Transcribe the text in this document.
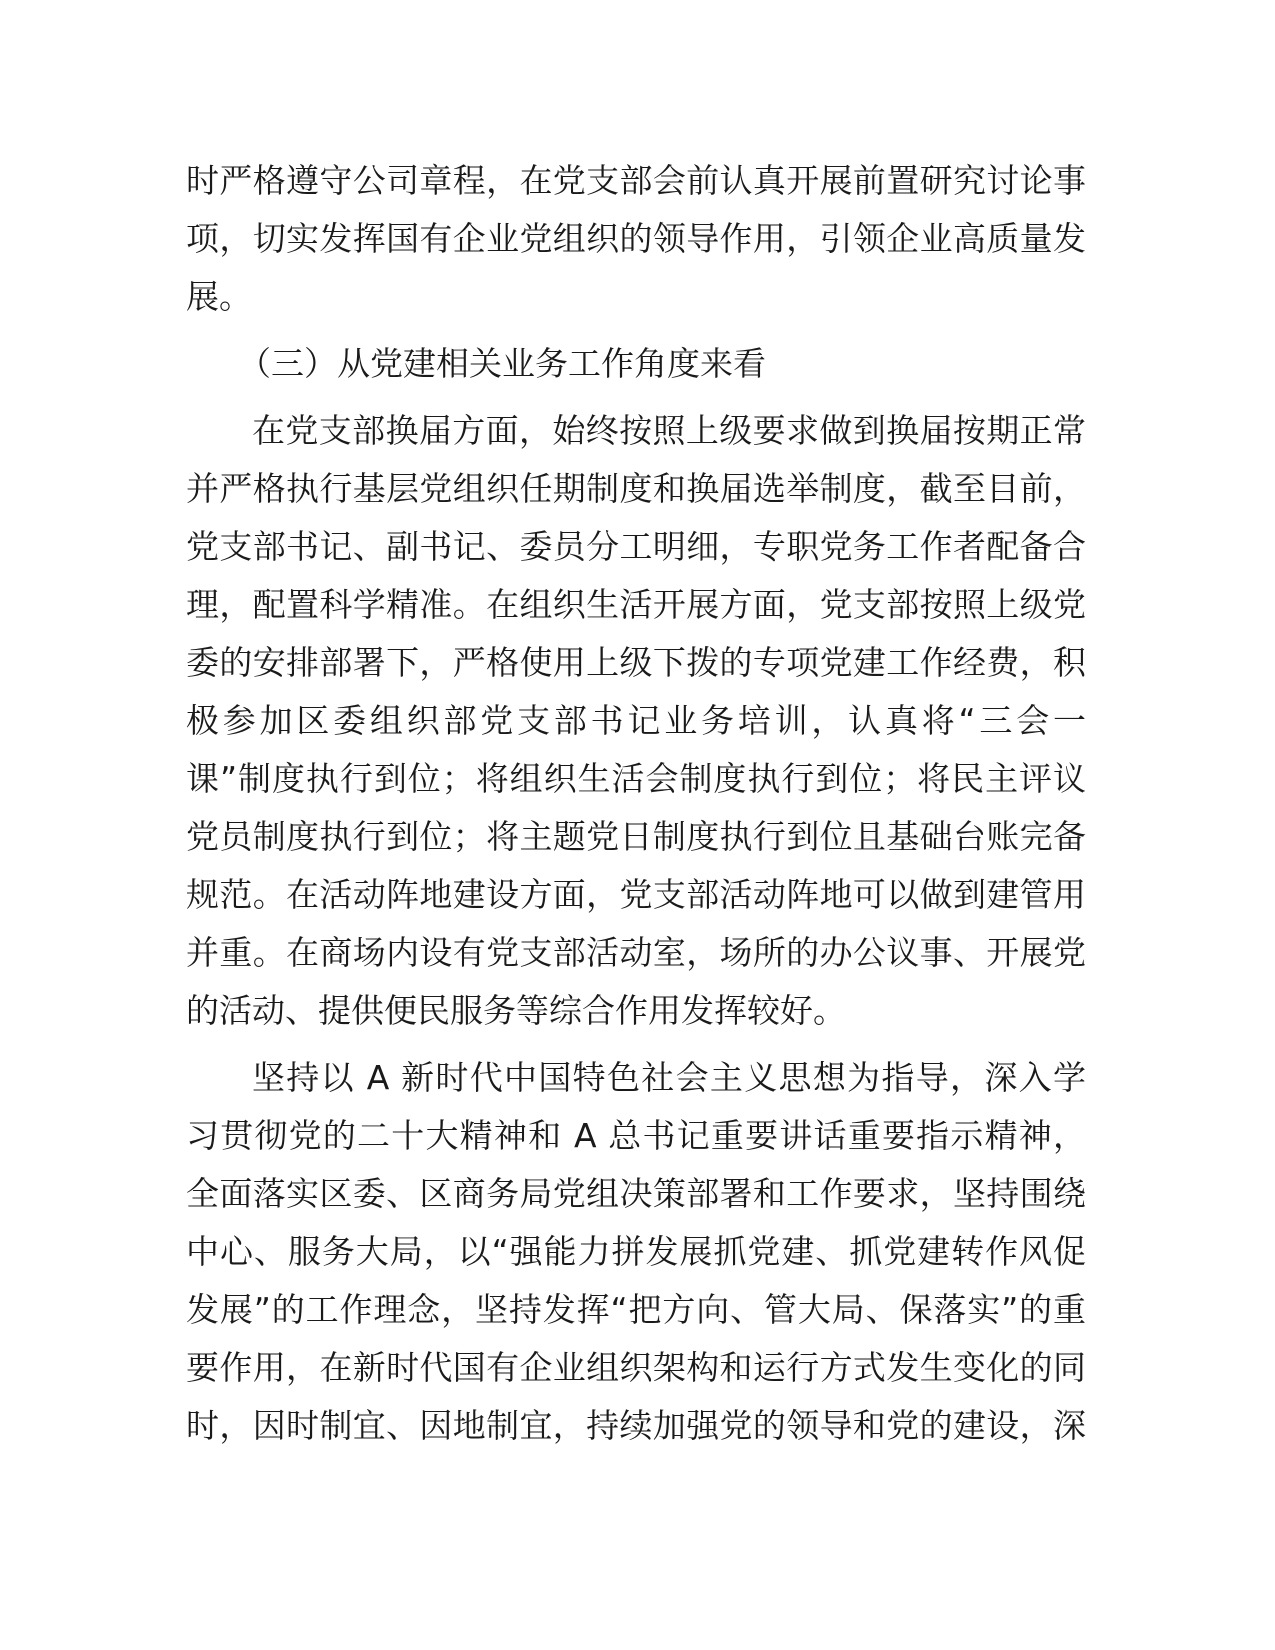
时严格遵守公司章程，在党支部会前认真开展前置研究讨论事
项，切实发挥国有企业党组织的领导作用，引领企业高质量发
展。
（三）从党建相关业务工作角度来看
在党支部换届方面，始终按照上级要求做到换届按期正常
并严格执行基层党组织任期制度和换届选举制度，截至目前，
党支部书记、副书记、委员分工明细，专职党务工作者配备合
理，配置科学精准。在组织生活开展方面，党支部按照上级党
委的安排部署下，严格使用上级下拨的专项党建工作经费，积
极参加区委组织部党支部书记业务培训，认真将“三会一
课”制度执行到位；将组织生活会制度执行到位；将民主评议
党员制度执行到位；将主题党日制度执行到位且基础台账完备
规范。在活动阵地建设方面，党支部活动阵地可以做到建管用
并重。在商场内设有党支部活动室，场所的办公议事、开展党
的活动、提供便民服务等综合作用发挥较好。
坚持以 A 新时代中国特色社会主义思想为指导，深入学
习贯彻党的二十大精神和 A 总书记重要讲话重要指示精神，
全面落实区委、区商务局党组决策部署和工作要求，坚持围绕
中心、服务大局，以“强能力拼发展抓党建、抓党建转作风促
发展”的工作理念，坚持发挥“把方向、管大局、保落实”的重
要作用，在新时代国有企业组织架构和运行方式发生变化的同
时，因时制宜、因地制宜，持续加强党的领导和党的建设，深
